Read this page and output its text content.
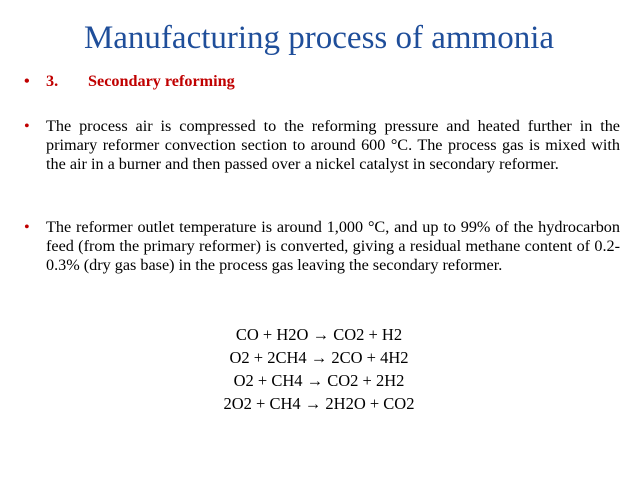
Manufacturing process of ammonia
•	3. Secondary reforming
•	The process air is compressed to the reforming pressure and heated further in the primary reformer convection section to around 600 °C. The process gas is mixed with the air in a burner and then passed over a nickel catalyst in secondary reformer.
•	The reformer outlet temperature is around 1,000 °C, and up to 99% of the hydrocarbon feed (from the primary reformer) is converted, giving a residual methane content of 0.2-0.3% (dry gas base) in the process gas leaving the secondary reformer.
CO + H2O → CO2 + H2
O2 + 2CH4 → 2CO + 4H2
O2 + CH4 → CO2 + 2H2
2O2 + CH4 → 2H2O + CO2
